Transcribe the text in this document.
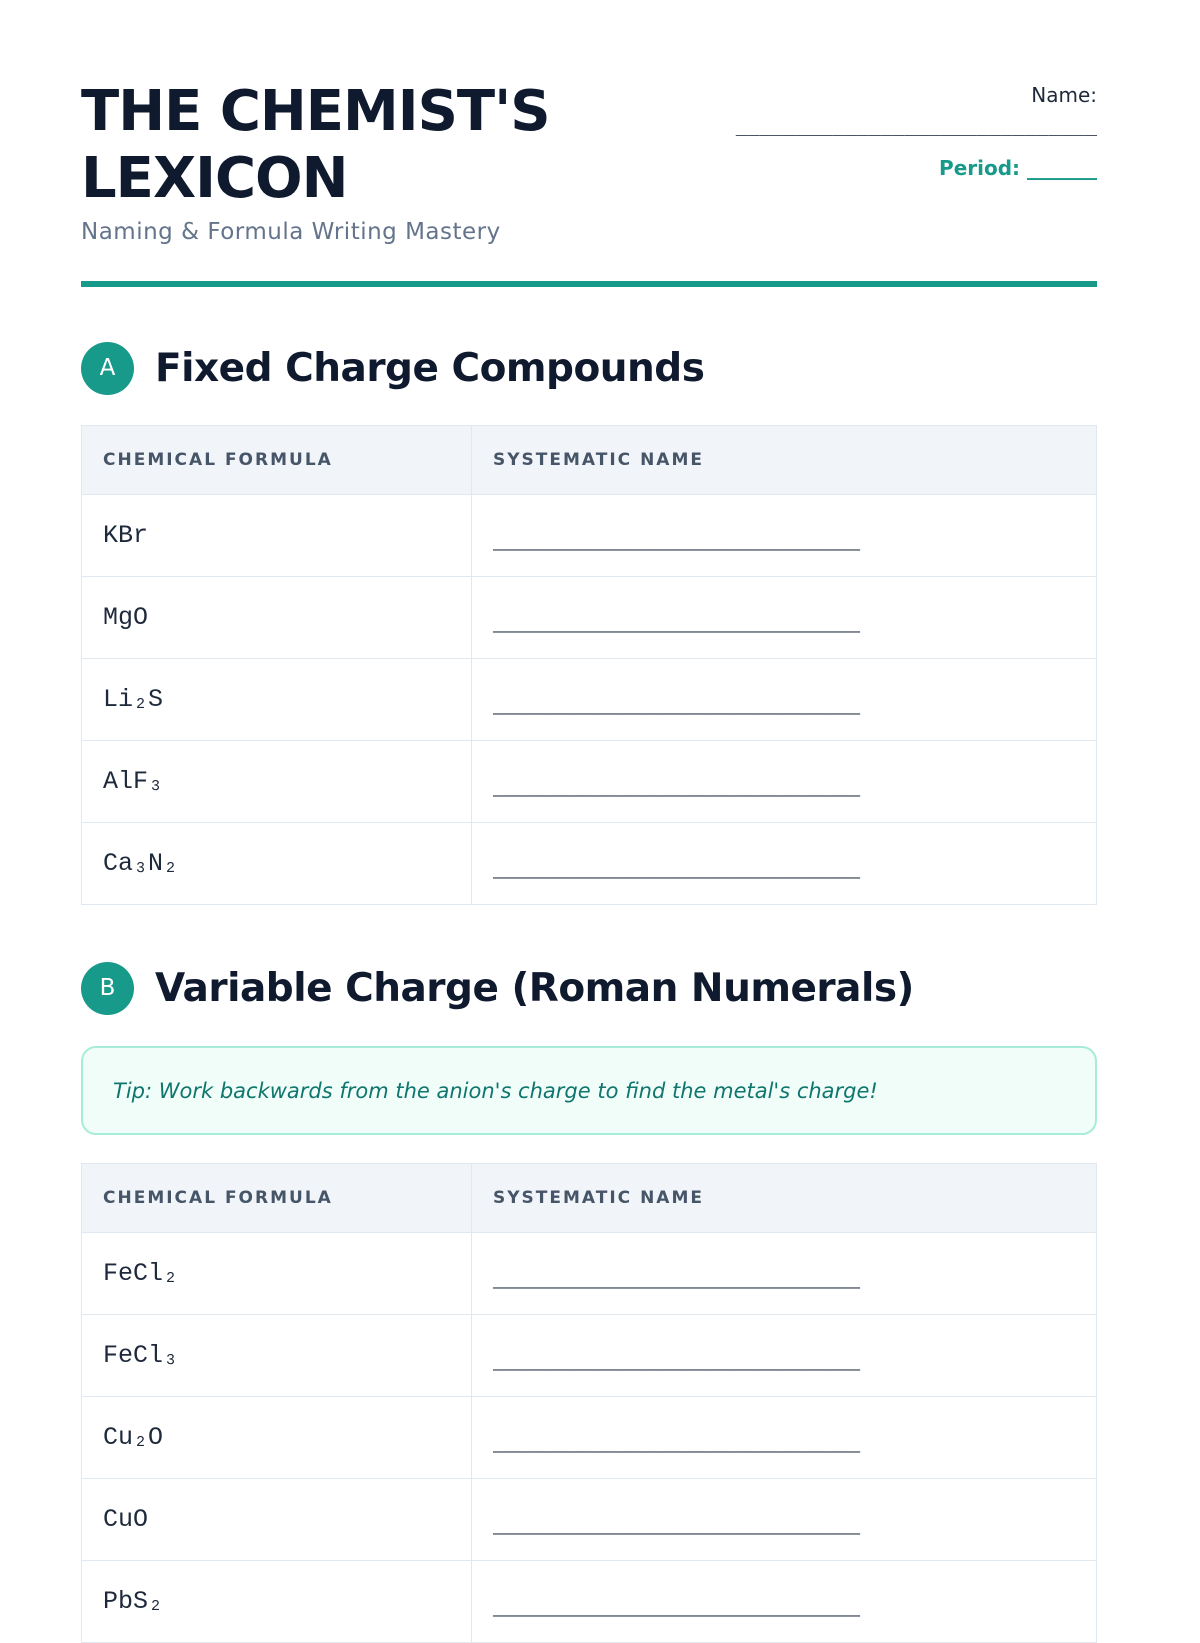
THE CHEMIST'S
LEXICON
Naming & Formula Writing Mastery
Name:
______________________________
Period: _______
A	Fixed Charge Compounds
CHEMICAL FORMULA	SYSTEMATIC NAME
KBr	______________________________
MgO	______________________________
Li₂S	______________________________
AlF₃	______________________________
Ca₃N₂	______________________________
B	Variable Charge (Roman Numerals)
Tip: Work backwards from the anion's charge to find the metal's charge!
CHEMICAL FORMULA	SYSTEMATIC NAME
FeCl₂	______________________________
FeCl₃	______________________________
Cu₂O	______________________________
CuO	______________________________
PbS₂	______________________________
